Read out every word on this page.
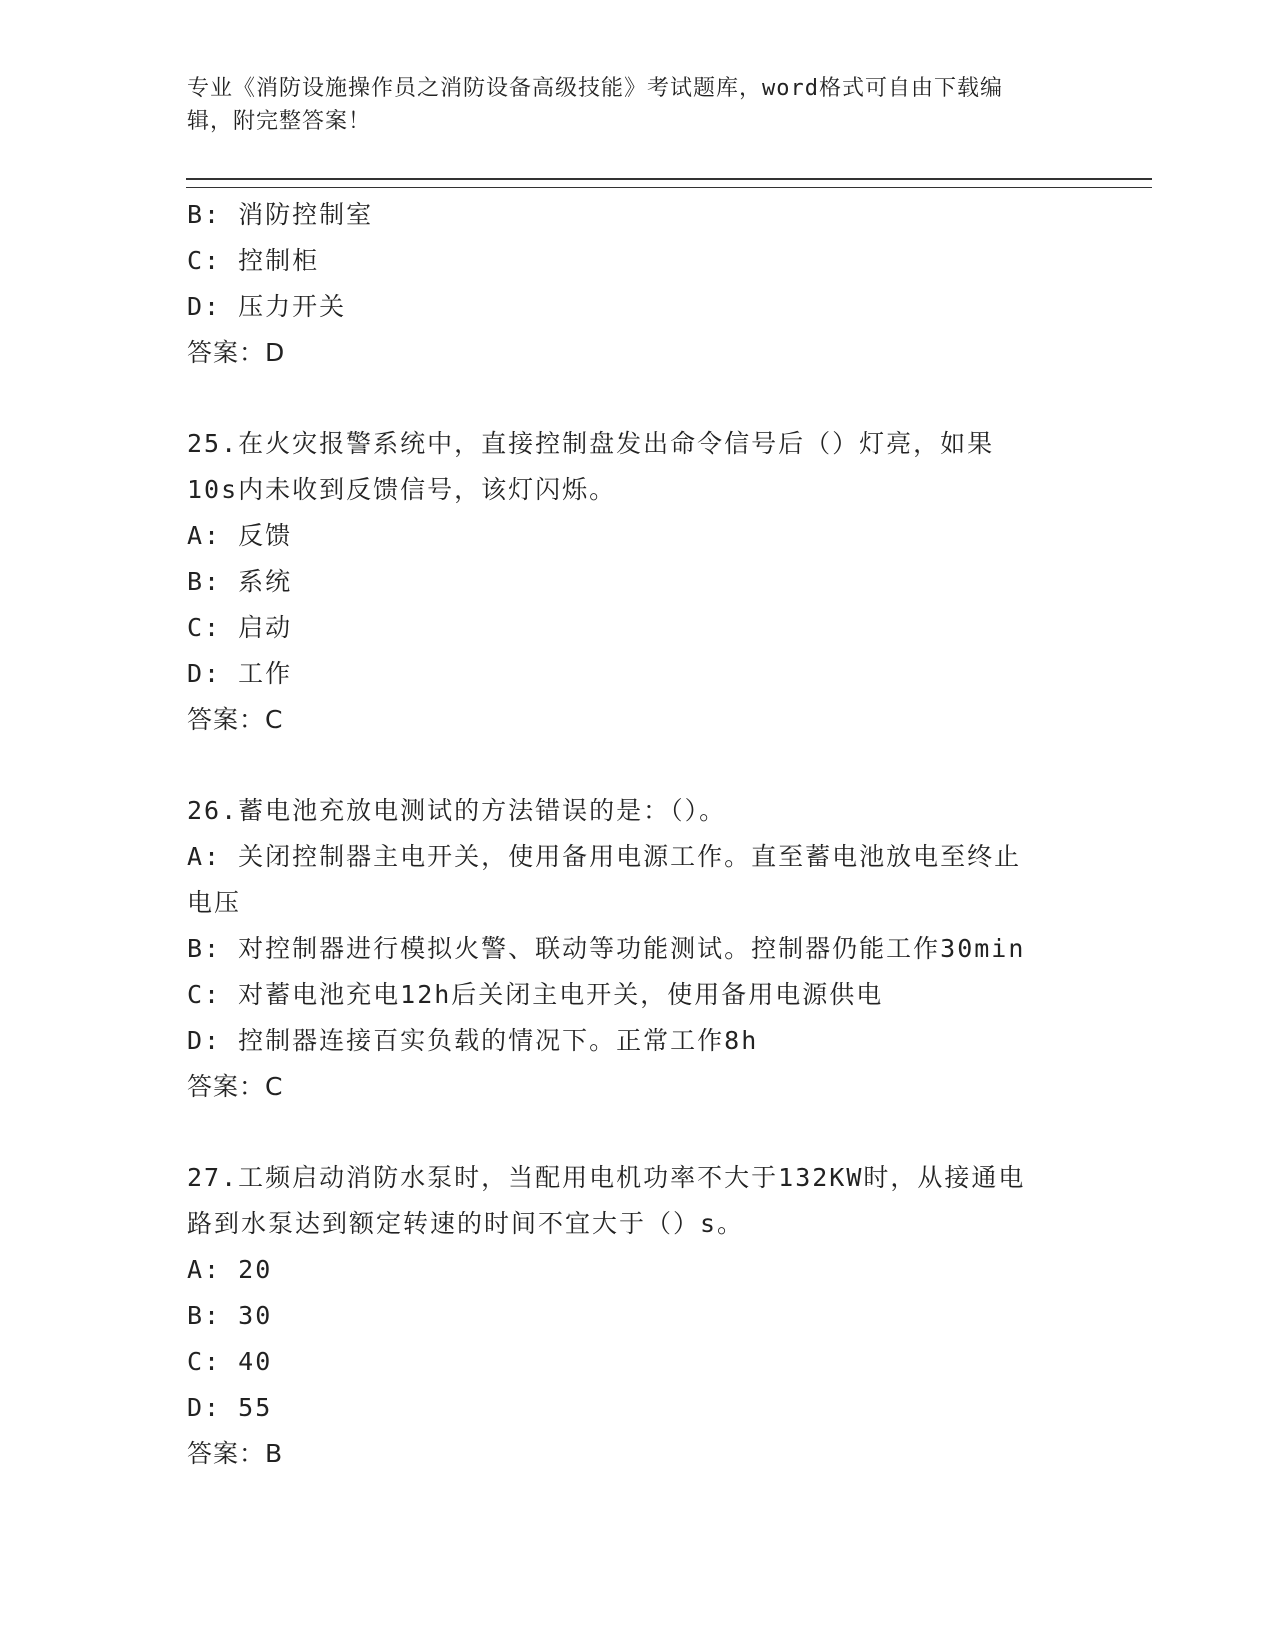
专业《消防设施操作员之消防设备高级技能》考试题库，word格式可自由下载编

辑，附完整答案！

B: 消防控制室

C: 控制柜

D: 压力开关

答案：D

25.在火灾报警系统中，直接控制盘发出命令信号后（）灯亮，如果

10s内未收到反馈信号，该灯闪烁。

A: 反馈

B: 系统

C: 启动

D: 工作

答案：C

26.蓄电池充放电测试的方法错误的是：（）。

A: 关闭控制器主电开关，使用备用电源工作。直至蓄电池放电至终止

电压

B: 对控制器进行模拟火警、联动等功能测试。控制器仍能工作30min

C: 对蓄电池充电12h后关闭主电开关，使用备用电源供电

D: 控制器连接百实负载的情况下。正常工作8h

答案：C

27.工频启动消防水泵时，当配用电机功率不大于132KW时，从接通电

路到水泵达到额定转速的时间不宜大于（）s。

A: 20

B: 30

C: 40

D: 55

答案：B
